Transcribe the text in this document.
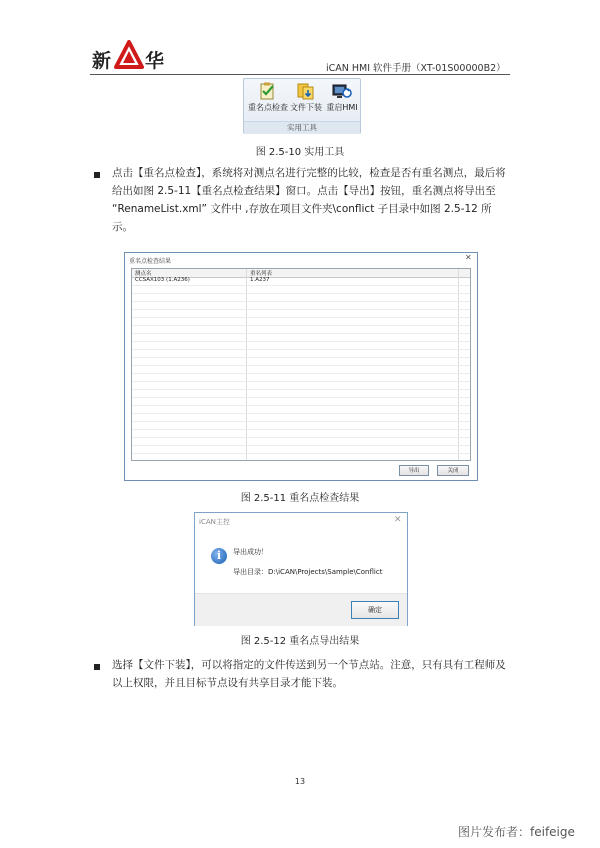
新 华	iCAN HMI 软件手册（XT-01S00000B2）
重名点检查 文件下装 重启HMI
实用工具
图 2.5-10 实用工具
点击【重名点检查】，系统将对测点名进行完整的比较，检查是否有重名测点，最后将给出如图 2.5-11【重名点检查结果】窗口。点击【导出】按钮，重名测点将导出至 “RenameList.xml” 文件中 ,存放在项目文件夹\conflict 子目录中如图 2.5-12 所示。
重名点检查结果	✕
测点名	重名列表
CCSAX103 (1.A236)	1.A237
导出	关闭
图 2.5-11 重名点检查结果
iCAN主控	✕
i	导出成功！
导出目录：D:\iCAN\Projects\Sample\Conflict
确定
图 2.5-12 重名点导出结果
选择【文件下装】，可以将指定的文件传送到另一个节点站。注意，只有具有工程师及以上权限，并且目标节点设有共享目录才能下装。
13
图片发布者：feifeige
